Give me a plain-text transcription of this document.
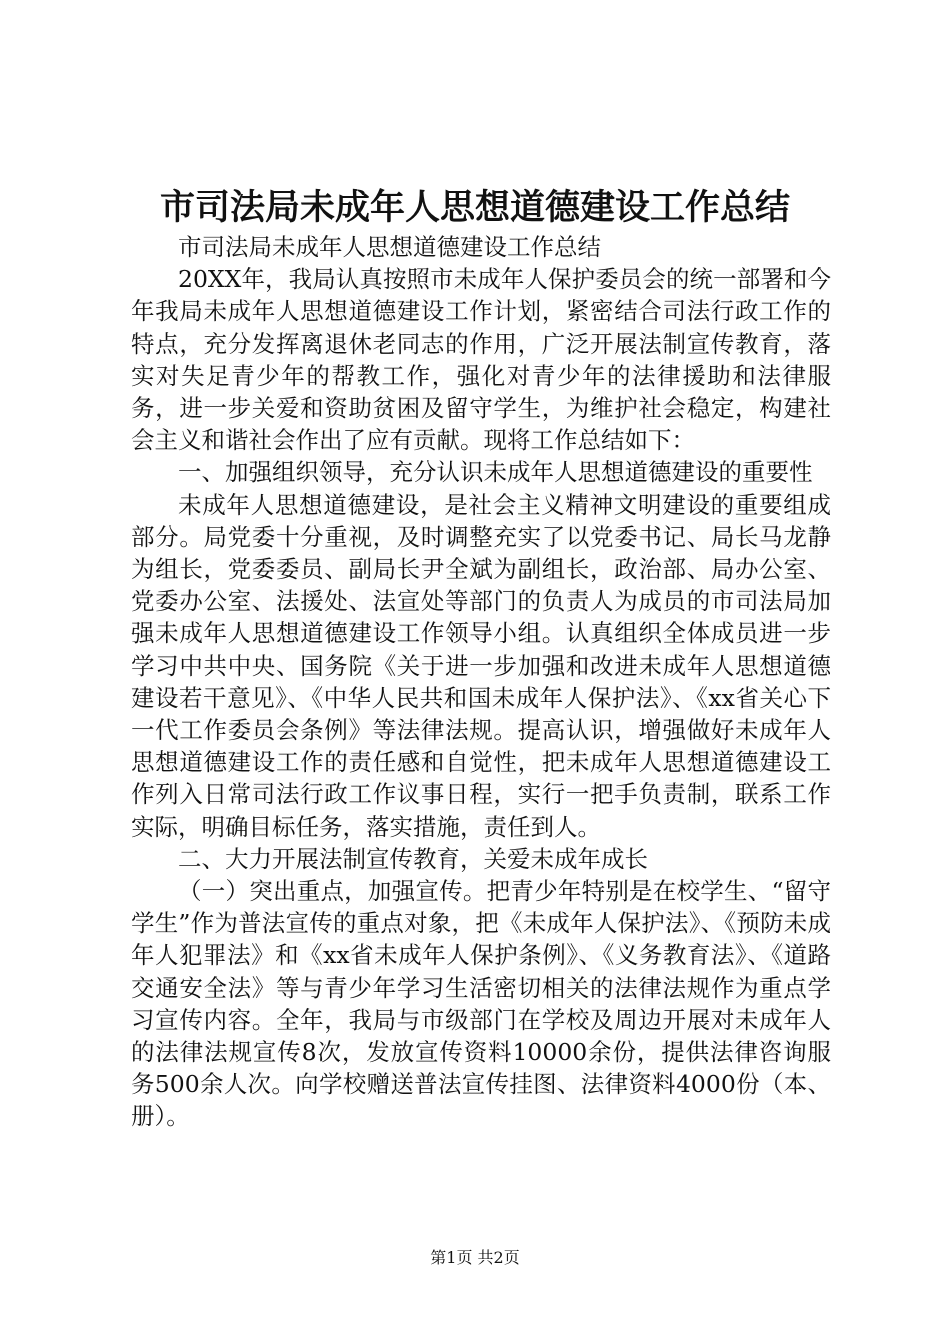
市司法局未成年人思想道德建设工作总结

市司法局未成年人思想道德建设工作总结

20XX年，我局认真按照市未成年人保护委员会的统一部署和今年我局未成年人思想道德建设工作计划，紧密结合司法行政工作的特点，充分发挥离退休老同志的作用，广泛开展法制宣传教育，落实对失足青少年的帮教工作，强化对青少年的法律援助和法律服务，进一步关爱和资助贫困及留守学生，为维护社会稳定，构建社会主义和谐社会作出了应有贡献。现将工作总结如下：

一、加强组织领导，充分认识未成年人思想道德建设的重要性

未成年人思想道德建设，是社会主义精神文明建设的重要组成部分。局党委十分重视，及时调整充实了以党委书记、局长马龙静为组长，党委委员、副局长尹全斌为副组长，政治部、局办公室、党委办公室、法援处、法宣处等部门的负责人为成员的市司法局加强未成年人思想道德建设工作领导小组。认真组织全体成员进一步学习中共中央、国务院《关于进一步加强和改进未成年人思想道德建设若干意见》、《中华人民共和国未成年人保护法》、《xx省关心下一代工作委员会条例》等法律法规。提高认识，增强做好未成年人思想道德建设工作的责任感和自觉性，把未成年人思想道德建设工作列入日常司法行政工作议事日程，实行一把手负责制，联系工作实际，明确目标任务，落实措施，责任到人。

二、大力开展法制宣传教育，关爱未成年成长

（一）突出重点，加强宣传。把青少年特别是在校学生、“留守学生”作为普法宣传的重点对象，把《未成年人保护法》、《预防未成年人犯罪法》和《xx省未成年人保护条例》、《义务教育法》、《道路交通安全法》等与青少年学习生活密切相关的法律法规作为重点学习宣传内容。全年，我局与市级部门在学校及周边开展对未成年人的法律法规宣传8次，发放宣传资料10000余份，提供法律咨询服务500余人次。向学校赠送普法宣传挂图、法律资料4000份（本、册）。

第1页 共2页
